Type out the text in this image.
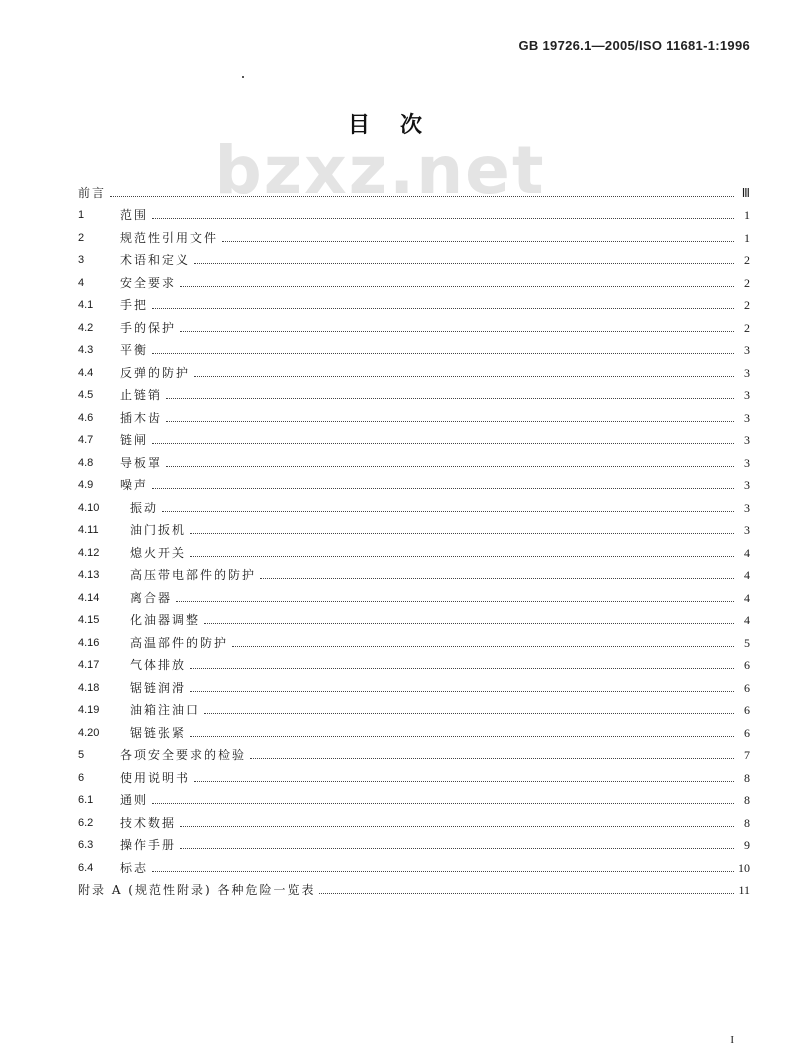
GB 19726.1—2005/ISO 11681-1:1996
bzxz.net
目次
前言	Ⅲ
1	范围	1
2	规范性引用文件	1
3	术语和定义	2
4	安全要求	2
4.1	手把	2
4.2	手的保护	2
4.3	平衡	3
4.4	反弹的防护	3
4.5	止链销	3
4.6	插木齿	3
4.7	链闸	3
4.8	导板罩	3
4.9	噪声	3
4.10	振动	3
4.11	油门扳机	3
4.12	熄火开关	4
4.13	高压带电部件的防护	4
4.14	离合器	4
4.15	化油器调整	4
4.16	高温部件的防护	5
4.17	气体排放	6
4.18	锯链润滑	6
4.19	油箱注油口	6
4.20	锯链张紧	6
5	各项安全要求的检验	7
6	使用说明书	8
6.1	通则	8
6.2	技术数据	8
6.3	操作手册	9
6.4	标志	10
附录 A (规范性附录) 各种危险一览表	11
I
